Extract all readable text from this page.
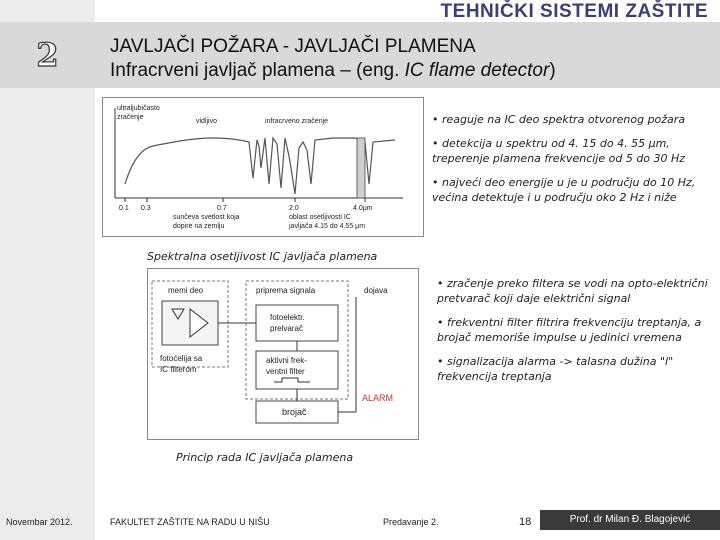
TEHNIČKI SISTEMI ZAŠTITE
2	JAVLJAČI POŽARA - JAVLJAČI PLAMENA
Infracrveni javljač plamena – (eng. IC flame detector)
ultraljubičasto
zračenje
vidljivo	infracrveno zračenje
0.1 0.3	0.7	2.0	4.0μm
sunčeva svetlost koja
dopire na zemlju
oblast osetljivosti IC
javljača 4.15 do 4.55 μm
Spektralna osetljivost IC javljača plamena

• reaguje na IC deo spektra otvorenog požara

• detekcija u spektru od 4. 15 do 4. 55 μm, treperenje plamena frekvencije od 5 do 30 Hz

• najveći deo energije u je u području do 10 Hz, većina detektuje i u području oko 2 Hz i niže

memi deo	priprema signala	dojava
fotoelektr.
prelvarač
fotoćelija sa
IC filterom
aktivni frek-
ventni filter
brojač
ALARM
Princip rada IC javljača plamena

• zračenje preko filtera se vodi na opto-električni pretvarač koji daje električni signal

• frekventni filter filtrira frekvenciju treptanja, a brojač memoriše impulse u jedinici vremena

• signalizacija alarma -> talasna dužina "l" frekvencija treptanja

Novembar 2012.	FAKULTET ZAŠTITE NA RADU U NIŠU	Predavanje 2.	18	Prof. dr Milan Đ. Blagojević
